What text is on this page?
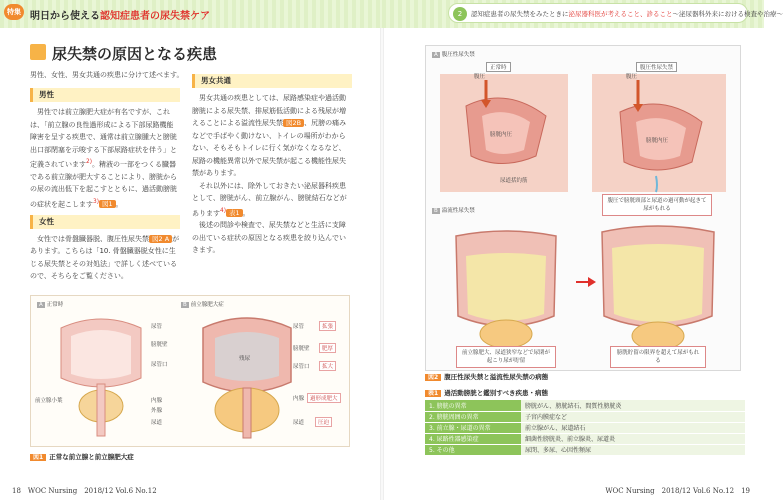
特集 明日から使える認知症患者の尿失禁ケア	2	認知症患者の尿失禁をみたときに泌尿器科医が考えること、診ること〜泌尿器科外来における検査や治療〜
尿失禁の原因となる疾患
男性、女性、男女共通の疾患に分けて述べます。
男性

男性では前立腺肥大症が有名ですが、これは、「前立腺の良性過形成による下部尿路機能障害を呈する疾患で、通常は前立腺腫大と膀胱出口部閉塞を示唆する下部尿路症状を伴う」と定義されています$^{2)}$。精液の一部をつくる臓器である前立腺が肥大することにより、膀胱からの尿の流出低下を起こすとともに、過活動膀胱の症状を起こします$^{3)}$ 図1 。

女性

女性では骨盤臓器脱、腹圧性尿失禁 図2 A があります。こちらは「10. 骨盤臓器脱女性に生じる尿失禁とその対処法」で詳しく述べているので、そちらをご覧ください。

男女共通

男女共通の疾患としては、尿路感染症や過活動膀胱による尿失禁、排尿筋低活動による残尿が増えることによる溢流性尿失禁 図2B 、尻膀の痛みなどで手ばやく動けない、トイレの場所がわからない、そもそもトイレに行く気がなくなるなど、尿路の機能異常以外で尿失禁が起こる機能性尿失禁があります。

それ以外には、除外しておきたい泌尿器科疾患として、膀胱がん、前立腺がん、膀胱結石などがあります$^{4)}$ 表1 。

後述の問診や検査で、尿失禁などと生活に支障の出ている症状の原因となる疾患を絞り込んでいきます。

A 正常時	B 前立腺肥大症
尿管
膀胱壁
尿管口
前立腺小葉	内腺
外腺
尿道
尿管	拡張
膀胱壁	肥厚
尿管口	拡大
残尿
内腺	過形成肥大
尿道	圧迫
図1 正常な前立腺と前立腺肥大症
18　WOC Nursing　2018/12 Vol.6 No.12
A 腹圧性尿失禁
正常時	腹圧性尿失禁
腹圧
膀胱内圧
尿道括約筋
腹圧
膀胱内圧
腹圧で膀胱頸部と尿道の過可動が起きて尿がもれる
B 溢流性尿失禁
前立腺肥大、尿道狭窄などで尿閉が起こり尿が貯留
膀胱貯留の限界を超えて尿がもれる
図2 腹圧性尿失禁と溢流性尿失禁の病態
表1 過活動膀胱と鑑別すべき疾患・病態
1. 膀胱の異常	膀胱がん、膀胱結石、間質性膀胱炎
2. 膀胱周囲の異常	子宮内膜症など
3. 前立腺・尿道の異常	前立腺がん、尿道結石
4. 尿路性器感染症	細菌性膀胱炎、前立腺炎、尿道炎
5. その他	尿閉、多尿、心因性頻尿
WOC Nursing　2018/12 Vol.6 No.12　19
